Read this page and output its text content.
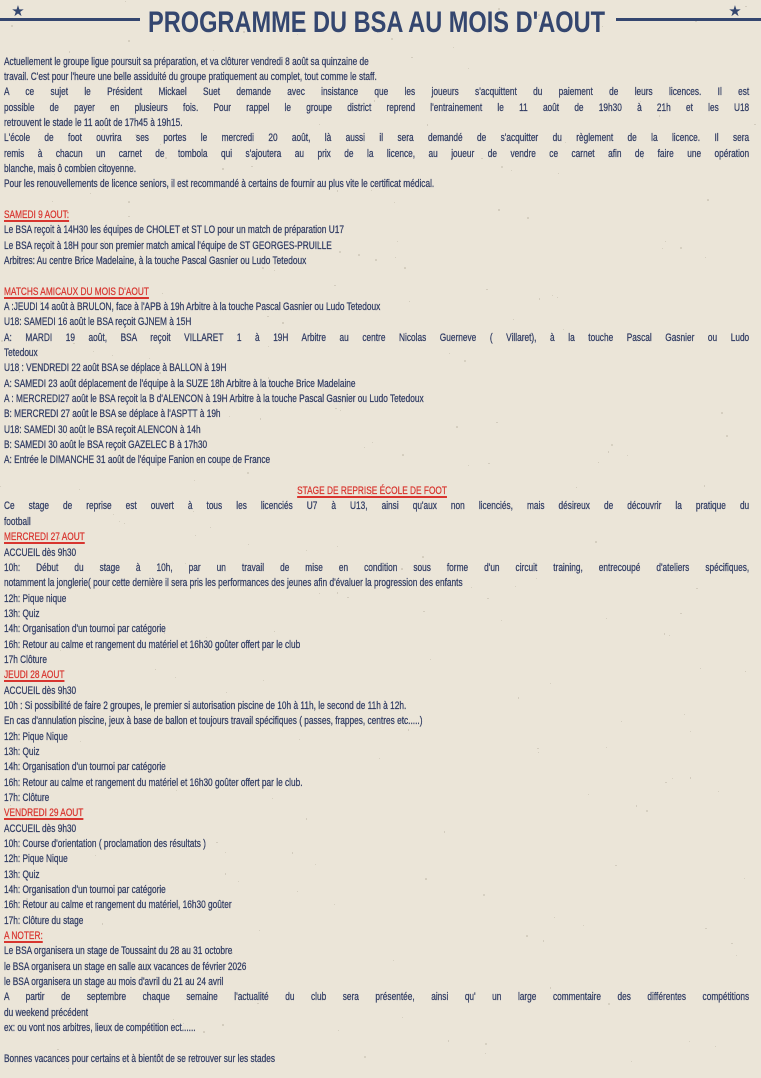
★	★
PROGRAMME DU BSA AU MOIS D'AOUT
Actuellement le groupe ligue poursuit sa préparation, et va clôturer vendredi 8 août sa quinzaine de
travail. C'est pour l'heure une belle assiduité du groupe pratiquement au complet, tout comme le staff.
A ce sujet le Président Mickael Suet demande avec insistance que les joueurs s'acquittent du paiement de leurs licences. Il est
possible de payer en plusieurs fois. Pour rappel le groupe district reprend l'entrainement le 11 août de 19h30 à 21h et les U18
retrouvent le stade le 11 août de 17h45 à 19h15.
L'école de foot ouvrira ses portes le mercredi 20 août, là aussi il sera demandé de s'acquitter du règlement de la licence. Il sera
remis à chacun un carnet de tombola qui s'ajoutera au prix de la licence, au joueur de vendre ce carnet afin de faire une opération
blanche, mais ô combien citoyenne.
Pour les renouvellements de licence seniors, il est recommandé à certains de fournir au plus vite le certificat médical.
SAMEDI 9 AOUT:
Le BSA reçoit à 14H30 les équipes de CHOLET et ST LO pour un match de préparation U17
Le BSA reçoit à 18H pour son premier match amical l'équipe de ST GEORGES-PRUILLE
Arbitres: Au centre Brice Madelaine, à la touche Pascal Gasnier ou Ludo Tetedoux
MATCHS AMICAUX DU MOIS D'AOUT
A :JEUDI 14 août à BRULON, face à l'APB à 19h Arbitre à la touche Pascal Gasnier ou Ludo Tetedoux
U18: SAMEDI 16 août le BSA reçoit GJNEM à 15H
A: MARDI 19 août, BSA reçoit VILLARET 1 à 19H Arbitre au centre Nicolas Guerneve ( Villaret), à la touche Pascal Gasnier ou Ludo
Tetedoux
U18 : VENDREDI 22 août BSA se déplace à BALLON à 19H
A: SAMEDI 23 août déplacement de l'équipe à la SUZE 18h Arbitre à la touche Brice Madelaine
A : MERCREDI27 août le BSA reçoit la B d'ALENCON à 19H Arbitre à la touche Pascal Gasnier ou Ludo Tetedoux
B: MERCREDI 27 août le BSA se déplace à l'ASPTT à 19h
U18: SAMEDI 30 août le BSA reçoit ALENCON à 14h
B: SAMEDI 30 août le BSA reçoit GAZELEC B à 17h30
A: Entrée le DIMANCHE 31 août de l'équipe Fanion en coupe de France
STAGE DE REPRISE ÉCOLE DE FOOT
Ce stage de reprise est ouvert à tous les licenciés U7 à U13, ainsi qu'aux non licenciés, mais désireux de découvrir la pratique du
football
MERCREDI 27 AOUT
ACCUEIL dès 9h30
10h: Début du stage à 10h, par un travail de mise en condition sous forme d'un circuit training, entrecoupé d'ateliers spécifiques,
notamment la jonglerie( pour cette dernière il sera pris les performances des jeunes afin d'évaluer la progression des enfants
12h: Pique nique
13h: Quiz
14h: Organisation d'un tournoi par catégorie
16h: Retour au calme et rangement du matériel et 16h30 goûter offert par le club
17h Clôture
JEUDI 28 AOUT
ACCUEIL dès 9h30
10h : Si possibilité de faire 2 groupes, le premier si autorisation piscine de 10h à 11h, le second de 11h à 12h.
En cas d'annulation piscine, jeux à base de ballon et toujours travail spécifiques ( passes, frappes, centres etc.....)
12h: Pique Nique
13h: Quiz
14h: Organisation d'un tournoi par catégorie
16h: Retour au calme et rangement du matériel et 16h30 goûter offert par le club.
17h: Clôture
VENDREDI 29 AOUT
ACCUEIL dès 9h30
10h: Course d'orientation ( proclamation des résultats )
12h: Pique Nique
13h: Quiz
14h: Organisation d'un tournoi par catégorie
16h: Retour au calme et rangement du matériel, 16h30 goûter
17h: Clôture du stage
A NOTER:
Le BSA organisera un stage de Toussaint du 28 au 31 octobre
le BSA organisera un stage en salle aux vacances de février 2026
le BSA organisera un stage au mois d'avril du 21 au 24 avril
A partir de septembre chaque semaine l'actualité du club sera présentée, ainsi qu' un large commentaire des différentes compétitions
du weekend précédent
ex: ou vont nos arbitres, lieux de compétition ect......
Bonnes vacances pour certains et à bientôt de se retrouver sur les stades
